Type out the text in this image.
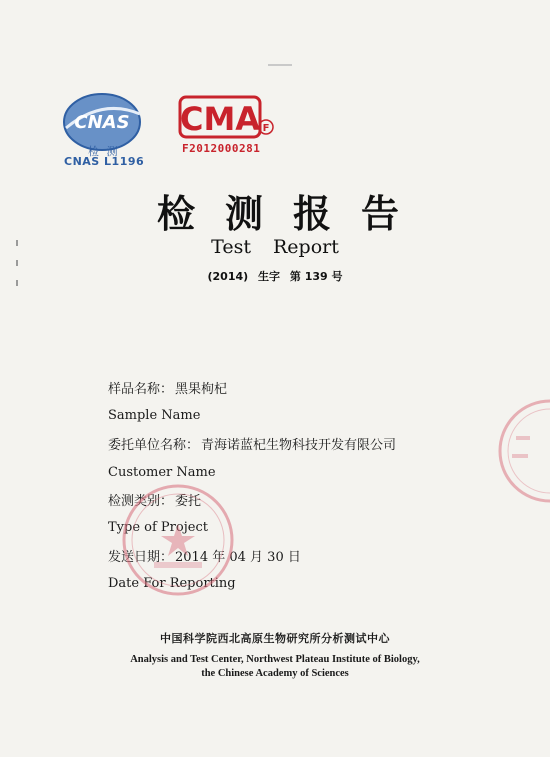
CNAS
检 测
CNAS L1196
CMA F
F2012000281
检测报告
Test Report
(2014) 生字 第 139 号
样品名称： 黑果枸杞
Sample Name
委托单位名称： 青海诺蓝杞生物科技开发有限公司
Customer Name
检测类别： 委托
Type of Project
发送日期： 2014 年 04 月 30 日
Date For Reporting
中国科学院西北高原生物研究所分析测试中心
Analysis and Test Center, Northwest Plateau Institute of Biology,
the Chinese Academy of Sciences
